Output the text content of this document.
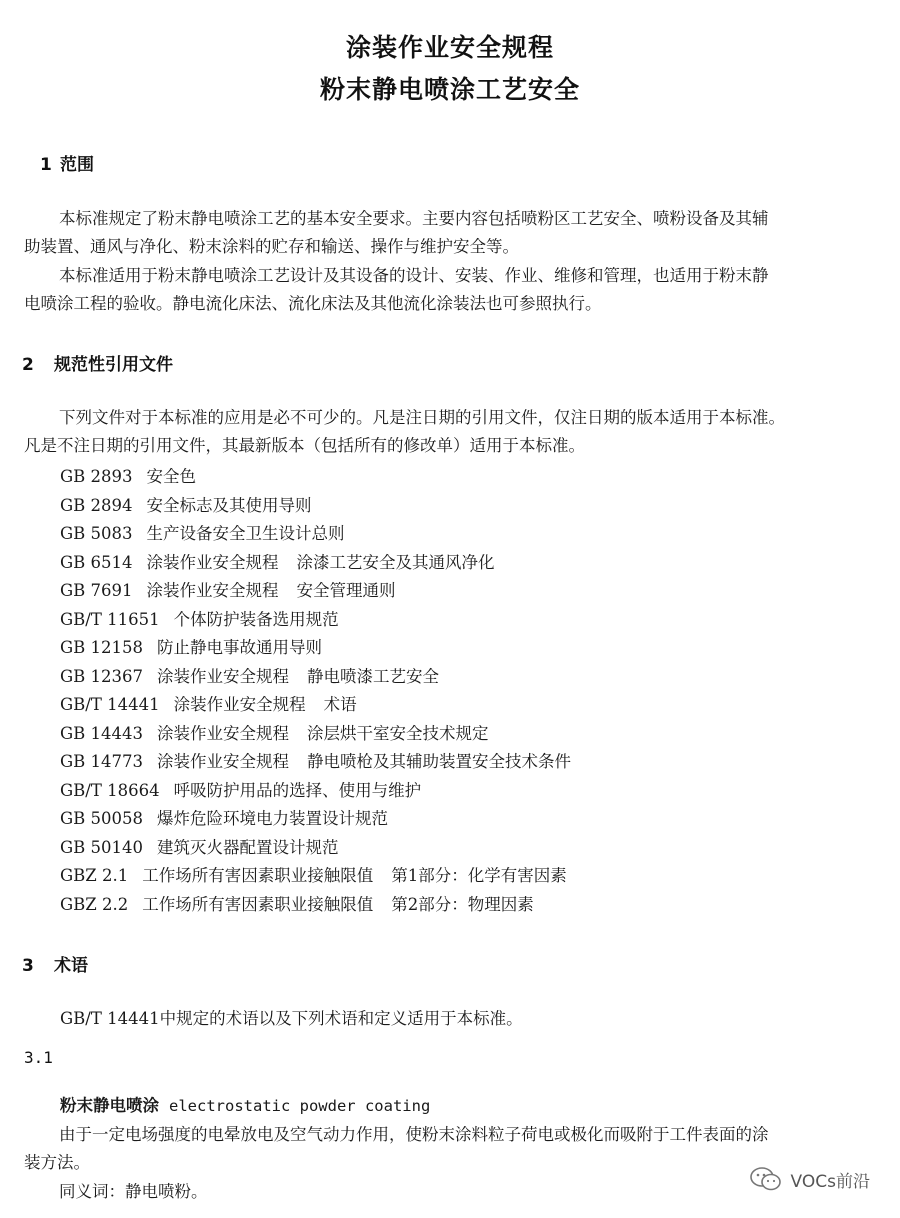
涂装作业安全规程
粉末静电喷涂工艺安全
1 范围
本标准规定了粉末静电喷涂工艺的基本安全要求。主要内容包括喷粉区工艺安全、喷粉设备及其辅
助装置、通风与净化、粉末涂料的贮存和输送、操作与维护安全等。
本标准适用于粉末静电喷涂工艺设计及其设备的设计、安装、作业、维修和管理，也适用于粉末静
电喷涂工程的验收。静电流化床法、流化床法及其他流化涂装法也可参照执行。
2 规范性引用文件
下列文件对于本标准的应用是必不可少的。凡是注日期的引用文件，仅注日期的版本适用于本标准。
凡是不注日期的引用文件，其最新版本（包括所有的修改单）适用于本标准。
GB 2893 安全色
GB 2894 安全标志及其使用导则
GB 5083 生产设备安全卫生设计总则
GB 6514 涂装作业安全规程 涂漆工艺安全及其通风净化
GB 7691 涂装作业安全规程 安全管理通则
GB/T 11651 个体防护装备选用规范
GB 12158 防止静电事故通用导则
GB 12367 涂装作业安全规程 静电喷漆工艺安全
GB/T 14441 涂装作业安全规程 术语
GB 14443 涂装作业安全规程 涂层烘干室安全技术规定
GB 14773 涂装作业安全规程 静电喷枪及其辅助装置安全技术条件
GB/T 18664 呼吸防护用品的选择、使用与维护
GB 50058 爆炸危险环境电力装置设计规范
GB 50140 建筑灭火器配置设计规范
GBZ 2.1 工作场所有害因素职业接触限值 第1部分：化学有害因素
GBZ 2.2 工作场所有害因素职业接触限值 第2部分：物理因素
3 术语
GB/T 14441中规定的术语以及下列术语和定义适用于本标准。
3.1
粉末静电喷涂 electrostatic powder coating
由于一定电场强度的电晕放电及空气动力作用，使粉末涂料粒子荷电或极化而吸附于工件表面的涂
装方法。
同义词：静电喷粉。	VOCs前沿
